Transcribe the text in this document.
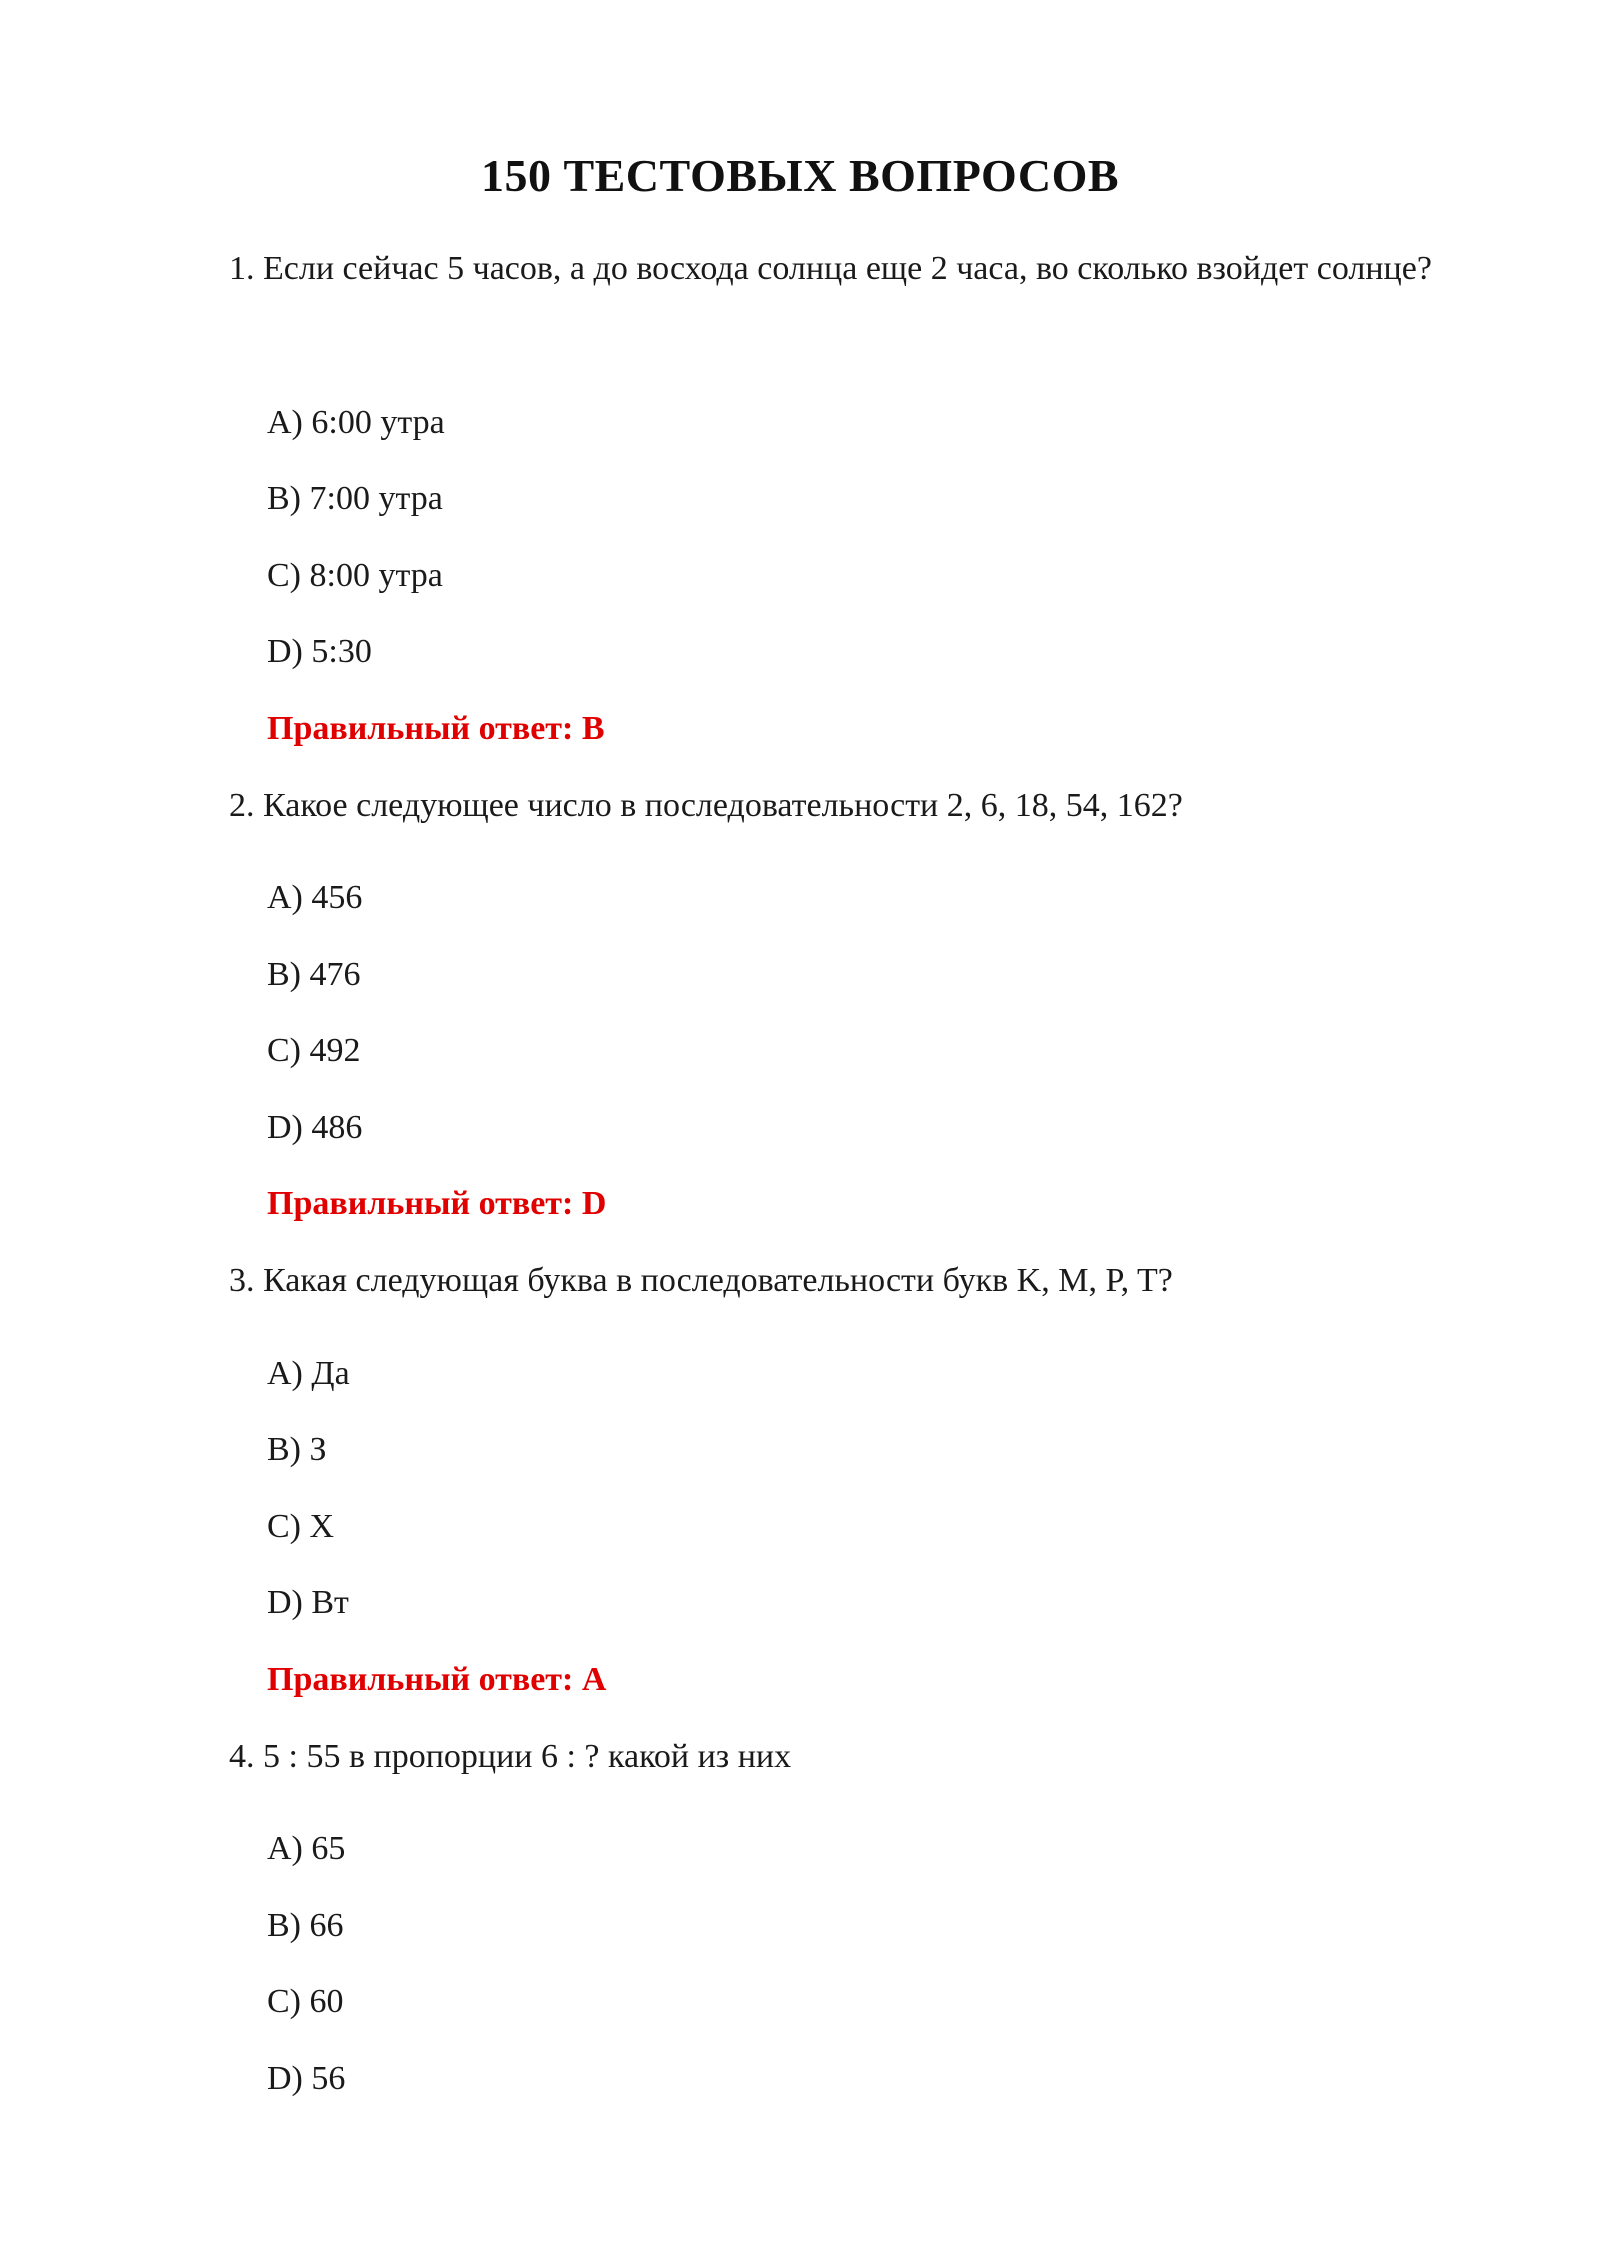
150 ТЕСТОВЫХ ВОПРОСОВ

1. Если сейчас 5 часов, а до восхода солнца еще 2 часа, во сколько взойдет солнце?

A) 6:00 утра

B) 7:00 утра

C) 8:00 утра

D) 5:30

Правильный ответ: B

2. Какое следующее число в последовательности 2, 6, 18, 54, 162?

A) 456

B) 476

C) 492

D) 486

Правильный ответ: D

3. Какая следующая буква в последовательности букв K, M, P, T?

A) Да

B) З

C) X

D) Вт

Правильный ответ: A

4. 5 : 55 в пропорции 6 : ? какой из них

A) 65

B) 66

C) 60

D) 56
